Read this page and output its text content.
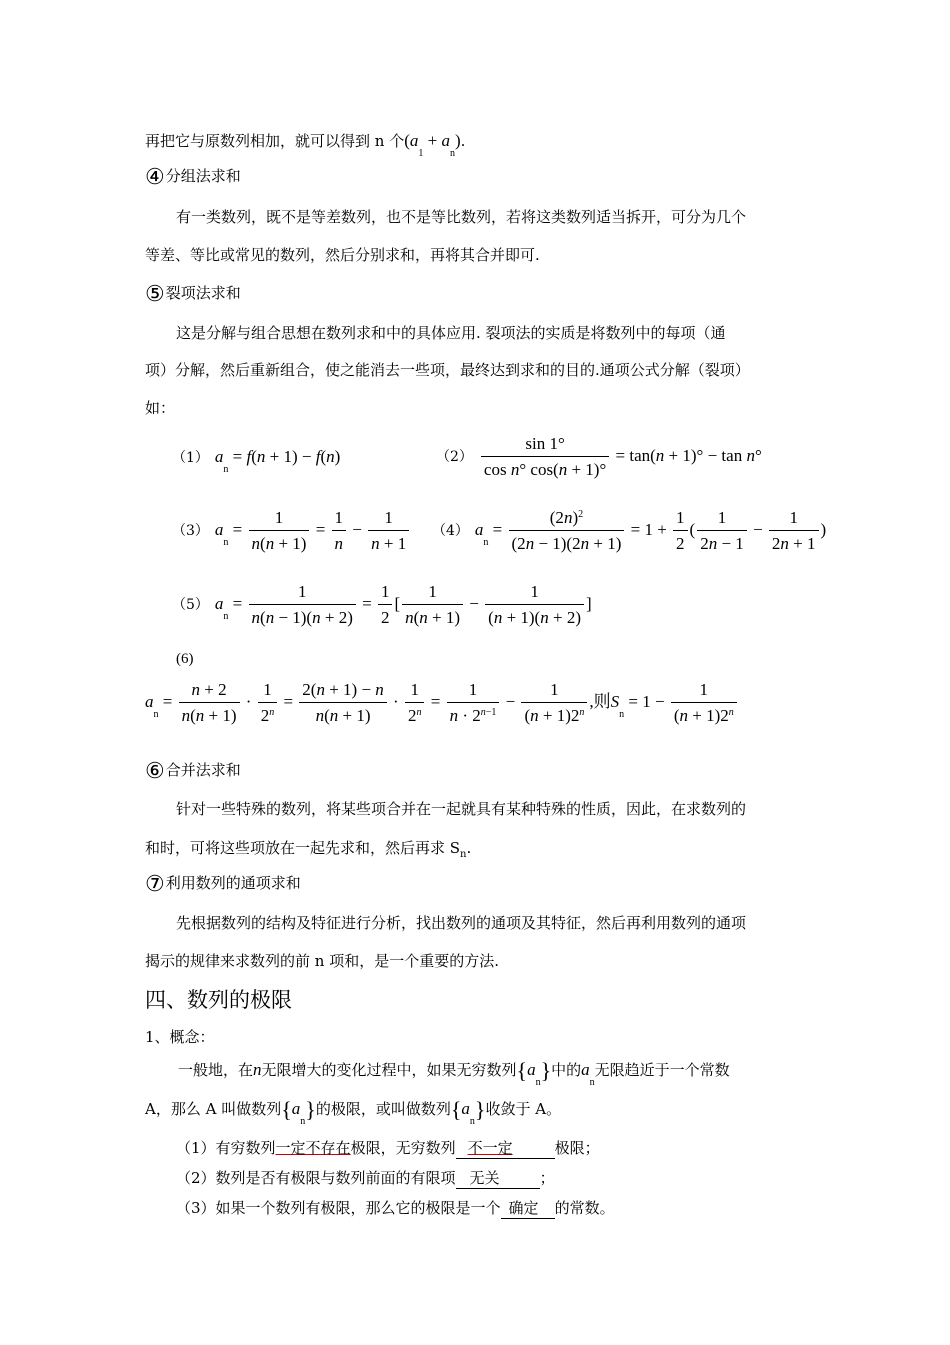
再把它与原数列相加，就可以得到 n 个$(a_1 + a_n)$.
④分组法求和
有一类数列，既不是等差数列，也不是等比数列，若将这类数列适当拆开，可分为几个
等差、等比或常见的数列，然后分别求和，再将其合并即可.
⑤裂项法求和
这是分解与组合思想在数列求和中的具体应用. 裂项法的实质是将数列中的每项（通
项）分解，然后重新组合，使之能消去一些项，最终达到求和的目的.通项公式分解（裂项）
如：
（1） $a_n = f(n + 1) - f(n)$	$(2) \frac{\sin 1^\circ}{\text{cos n° cos(n + 1)°}} = \tan(n + 1)^\circ - \tan n^\circ$
（3） $a_n = \frac{1}{n(n + 1)} = \frac{1}{n} - \frac{1}{n + 1} (4) a_n = \frac{(2n)^2}{(2n - 1)(2n + 1)} = 1 + \frac{1}{2}$ ( $\frac{1}{2n - 1} - \frac{1}{2n + 1}$ )
（5） $a_n = \frac{1}{n(n - 1)(n + 2)} = \frac{1}{2}$ [ $\frac{1}{n(n + 1)} - \frac{1}{(n + 1)(n + 2)}$ ]
(6)
$a_n = \frac{n + 2}{n(n + 1)} \cdot \frac{1}{2^n} = \frac{2(n + 1) - n}{n(n + 1)} \cdot \frac{1}{2^n} = \frac{1}{n \cdot 2^{n-1}} - \frac{1}{(n + 1)2^n}$ ,则$S_n = 1 - \frac{1}{(n + 1)2^n}$
⑥合并法求和
针对一些特殊的数列，将某些项合并在一起就具有某种特殊的性质，因此，在求数列的
和时，可将这些项放在一起先求和，然后再求 $S_n$.
⑦利用数列的通项求和
先根据数列的结构及特征进行分析，找出数列的通项及其特征，然后再利用数列的通项
揭示的规律来求数列的前 n 项和，是一个重要的方法.
四、数列的极限
1、概念：
一般地，在n无限增大的变化过程中，如果无穷数列$\{a_n\}$中的$a_n$无限趋近于一个常数
A，那么 A 叫做数列$\{a_n\}$的极限，或叫做数列$\{a_n\}$收敛于 A。
（1）有穷数列一定不存在极限，无穷数列 不一定	极限；
（2）数列是否有极限与数列前面的有限项 无关	；
（3）如果一个数列有极限，那么它的极限是一个 确定 的常数。
